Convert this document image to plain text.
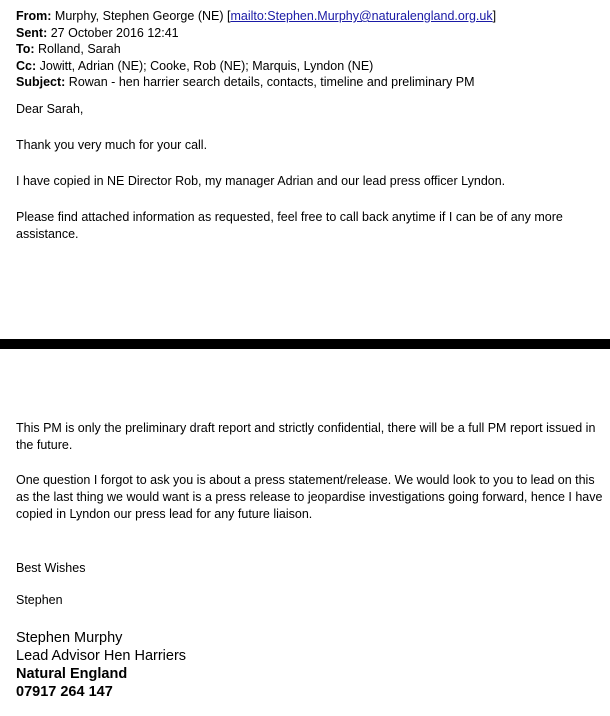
From: Murphy, Stephen George (NE) [mailto:Stephen.Murphy@naturalengland.org.uk]
Sent: 27 October 2016 12:41
To: Rolland, Sarah
Cc: Jowitt, Adrian (NE); Cooke, Rob (NE); Marquis, Lyndon (NE)
Subject: Rowan - hen harrier search details, contacts, timeline and preliminary PM

Dear Sarah,

Thank you very much for your call.

I have copied in NE Director Rob, my manager Adrian and our lead press officer Lyndon.

Please find attached information as requested, feel free to call back anytime if I can be of any more assistance.

This PM is only the preliminary draft report and strictly confidential, there will be a full PM report issued in the future.

One question I forgot to ask you is about a press statement/release. We would look to you to lead on this as the last thing we would want is a press release to jeopardise investigations going forward, hence I have copied in Lyndon our press lead for any future liaison.

Best Wishes

Stephen

Stephen Murphy
Lead Advisor Hen Harriers
Natural England
07917 264 147
